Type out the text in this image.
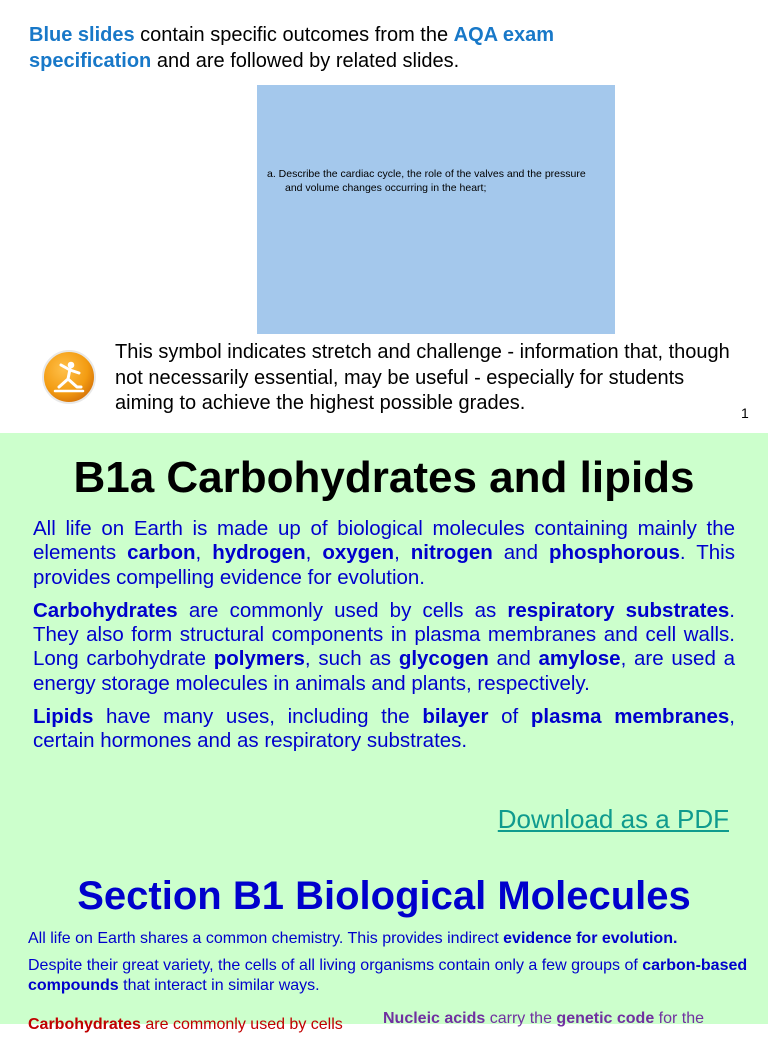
Blue slides contain specific outcomes from the AQA exam specification and are followed by related slides.
a. Describe the cardiac cycle, the role of the valves and the pressure
and volume changes occurring in the heart;
This symbol indicates stretch and challenge - information that, though not necessarily essential, may be useful - especially for students aiming to achieve the highest possible grades.	1
B1a Carbohydrates and lipids

All life on Earth is made up of biological molecules containing mainly the elements carbon, hydrogen, oxygen, nitrogen and phosphorous. This provides compelling evidence for evolution.

Carbohydrates are commonly used by cells as respiratory substrates. They also form structural components in plasma membranes and cell walls. Long carbohydrate polymers, such as glycogen and amylose, are used a energy storage molecules in animals and plants, respectively.

Lipids have many uses, including the bilayer of plasma membranes, certain hormones and as respiratory substrates.

Download as a PDF
Section B1 Biological Molecules

All life on Earth shares a common chemistry. This provides indirect evidence for evolution.

Despite their great variety, the cells of all living organisms contain only a few groups of carbon-based compounds that interact in similar ways.

Carbohydrates are commonly used by cells	Nucleic acids carry the genetic code for the
